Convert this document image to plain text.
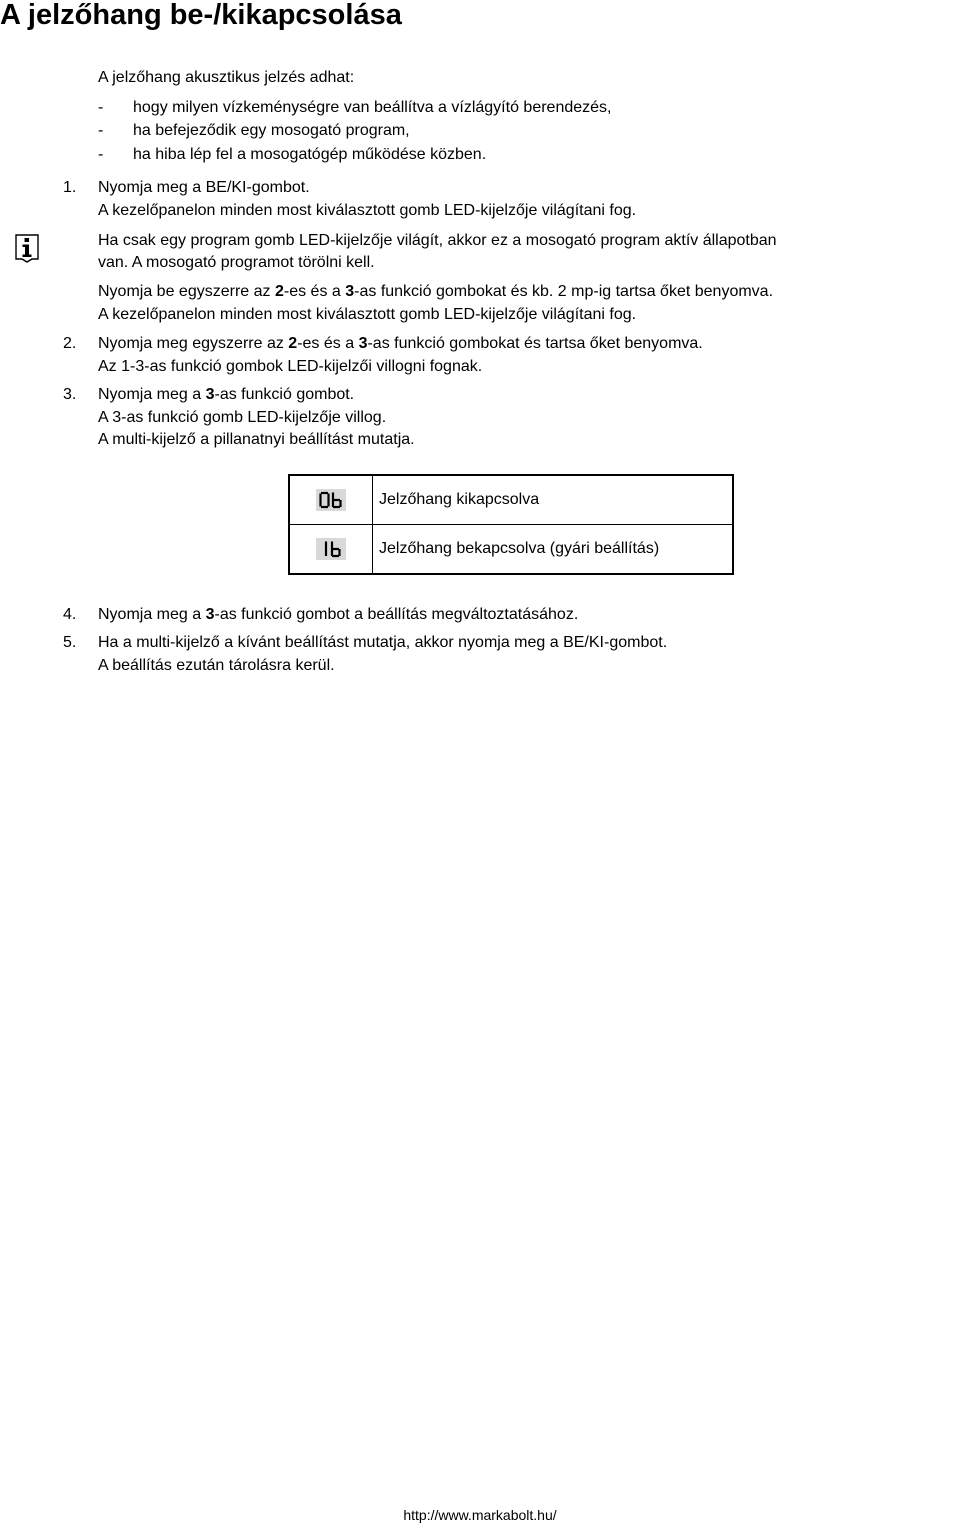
A jelzőhang be-/kikapcsolása
A jelzőhang akusztikus jelzés adhat:
- hogy milyen vízkeménységre van beállítva a vízlágyító berendezés,
- ha befejeződik egy mosogató program,
- ha hiba lép fel a mosogatógép működése közben.
1. Nyomja meg a BE/KI-gombot.
A kezelőpanelon minden most kiválasztott gomb LED-kijelzője világítani fog.
Ha csak egy program gomb LED-kijelzője világít, akkor ez a mosogató program aktív állapotban
van. A mosogató programot törölni kell.
Nyomja be egyszerre az 2-es és a 3-as funkció gombokat és kb. 2 mp-ig tartsa őket benyomva.
A kezelőpanelon minden most kiválasztott gomb LED-kijelzője világítani fog.
2. Nyomja meg egyszerre az 2-es és a 3-as funkció gombokat és tartsa őket benyomva.
Az 1-3-as funkció gombok LED-kijelzői villogni fognak.
3. Nyomja meg a 3-as funkció gombot.
A 3-as funkció gomb LED-kijelzője villog.
A multi-kijelző a pillanatnyi beállítást mutatja.
	Jelzőhang kikapcsolva
	Jelzőhang bekapcsolva (gyári beállítás)
4. Nyomja meg a 3-as funkció gombot a beállítás megváltoztatásához.
5. Ha a multi-kijelző a kívánt beállítást mutatja, akkor nyomja meg a BE/KI-gombot.
A beállítás ezután tárolásra kerül.
http://www.markabolt.hu/
